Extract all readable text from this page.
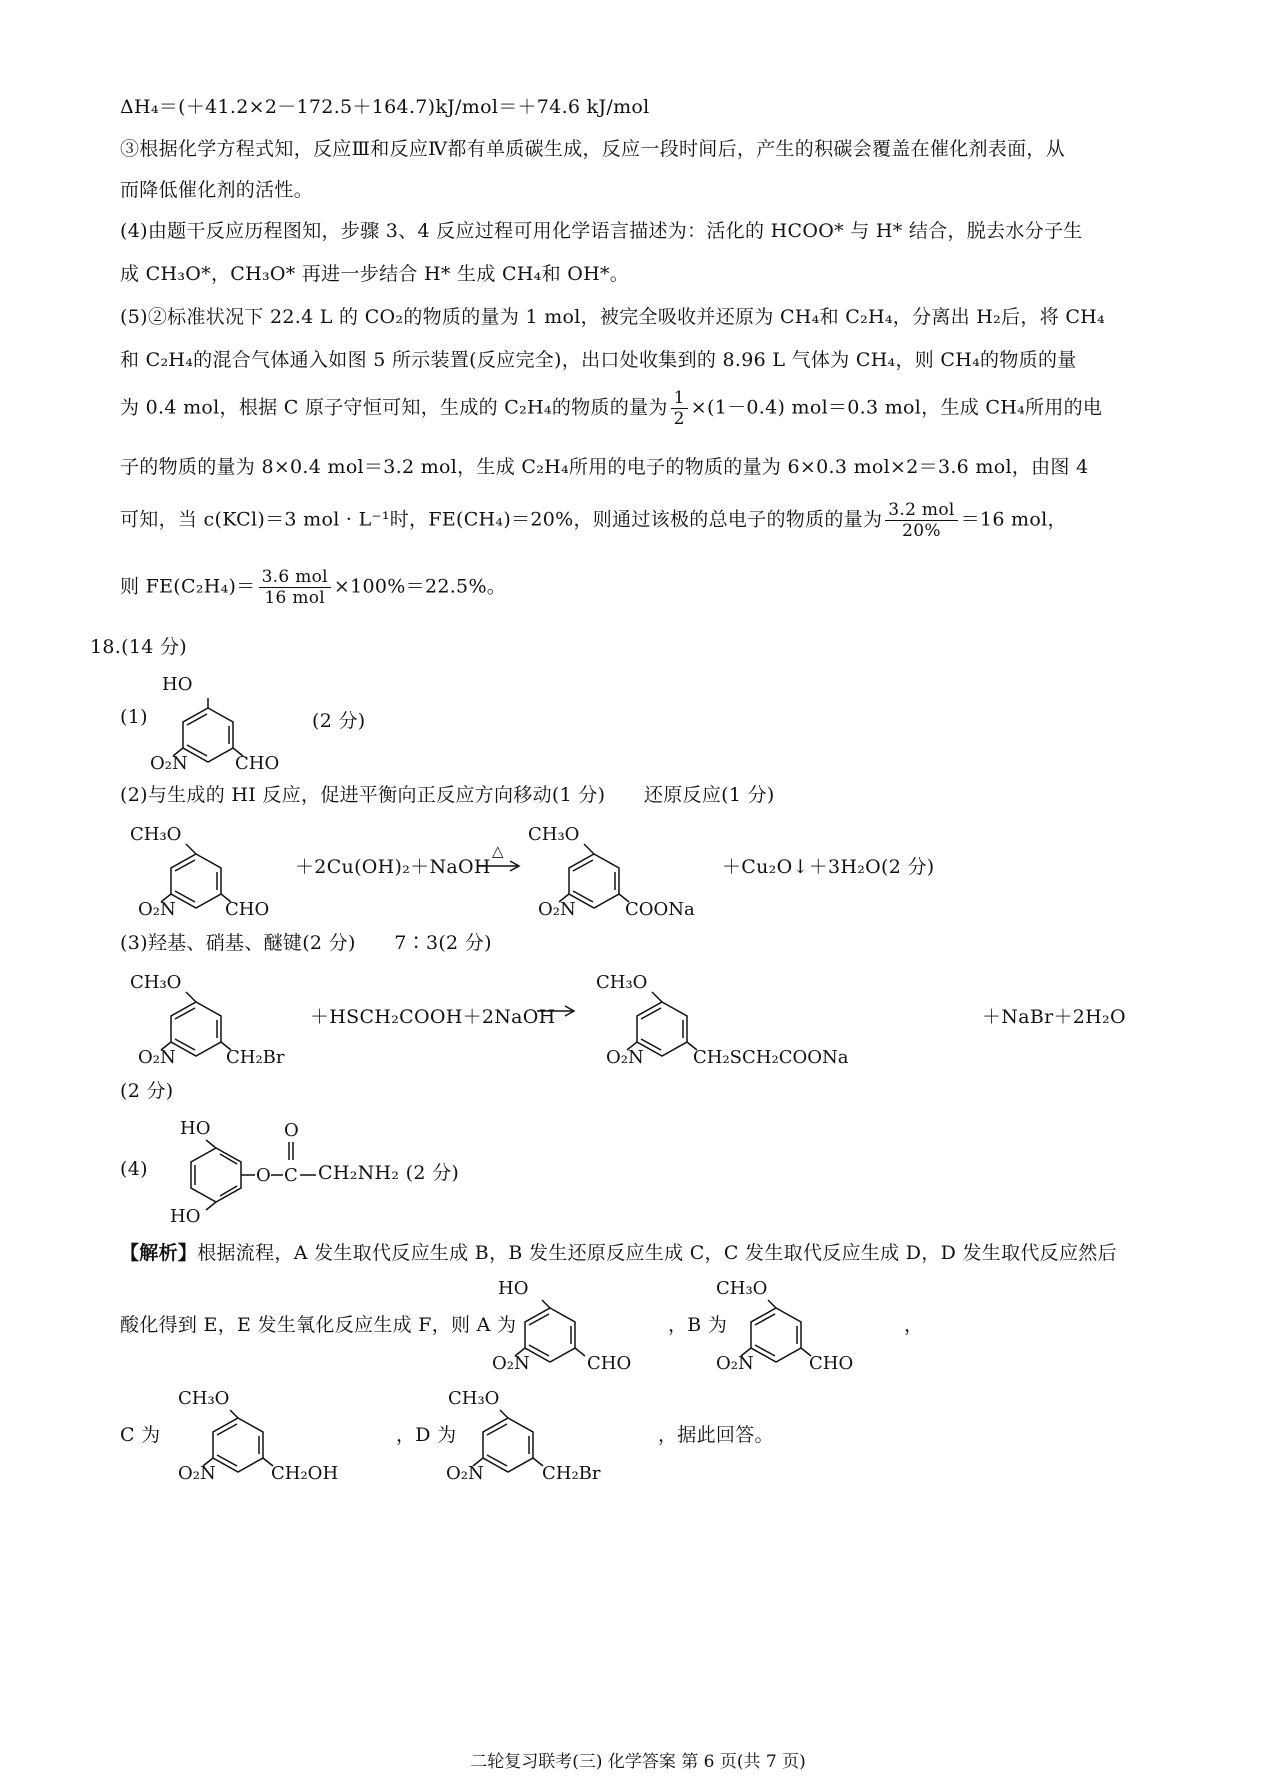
ΔH₄＝(＋41.2×2－172.5＋164.7)kJ/mol＝＋74.6 kJ/mol
③根据化学方程式知，反应Ⅲ和反应Ⅳ都有单质碳生成，反应一段时间后，产生的积碳会覆盖在催化剂表面，从
而降低催化剂的活性。
(4)由题干反应历程图知，步骤 3、4 反应过程可用化学语言描述为：活化的 HCOO* 与 H* 结合，脱去水分子生
成 CH₃O*，CH₃O* 再进一步结合 H* 生成 CH₄和 OH*。
(5)②标准状况下 22.4 L 的 CO₂的物质的量为 1 mol，被完全吸收并还原为 CH₄和 C₂H₄，分离出 H₂后，将 CH₄
和 C₂H₄的混合气体通入如图 5 所示装置(反应完全)，出口处收集到的 8.96 L 气体为 CH₄，则 CH₄的物质的量
为 0.4 mol，根据 C 原子守恒可知，生成的 C₂H₄的物质的量为 $\frac{1}{2} \times(1-0.4)$ mol＝0.3 mol，生成 CH₄所用的电
子的物质的量为 8×0.4 mol＝3.2 mol，生成 C₂H₄所用的电子的物质的量为 6×0.3 mol×2＝3.6 mol，由图 4
可知，当 c(KCl)＝3 mol · L⁻¹时，FE(CH₄)＝20%，则通过该极的总电子的物质的量为 $\frac{\text{3.2 mol}}{20\%} =16$ mol，
则 $FE(C_2H_4)= \frac{\text{3.6 mol}}{\text{16 mol}} \times 100\%=22.5\%$。
18.(14 分)
(1)
HO
O₂N	CHO
(2 分)
(2)与生成的 HI 反应，促进平衡向正反应方向移动(1 分)　　还原反应(1 分)
CH₃O
O₂N	CHO
＋2Cu(OH)₂＋NaOH
△
CH₃O
O₂N	COONa
＋Cu₂O↓＋3H₂O(2 分)
(3)羟基、硝基、醚键(2 分)　　7∶3(2 分)
CH₃O
O₂N	CH₂Br
＋HSCH₂COOH＋2NaOH
CH₃O
O₂N	CH₂SCH₂COONa
＋NaBr＋2H₂O
(2 分)
(4)
HO
HO
O C
O
CH₂NH₂ (2 分)
【解析】根据流程，A 发生取代反应生成 B，B 发生还原反应生成 C，C 发生取代反应生成 D，D 发生取代反应然后
酸化得到 E，E 发生氧化反应生成 F，则 A 为
HO
O₂N	CHO
，B 为
CH₃O
O₂N	CHO
，
C 为
CH₃O
O₂N	CH₂OH
，D 为
CH₃O
O₂N	CH₂Br
，据此回答。
二轮复习联考(三) 化学答案 第 6 页(共 7 页)
